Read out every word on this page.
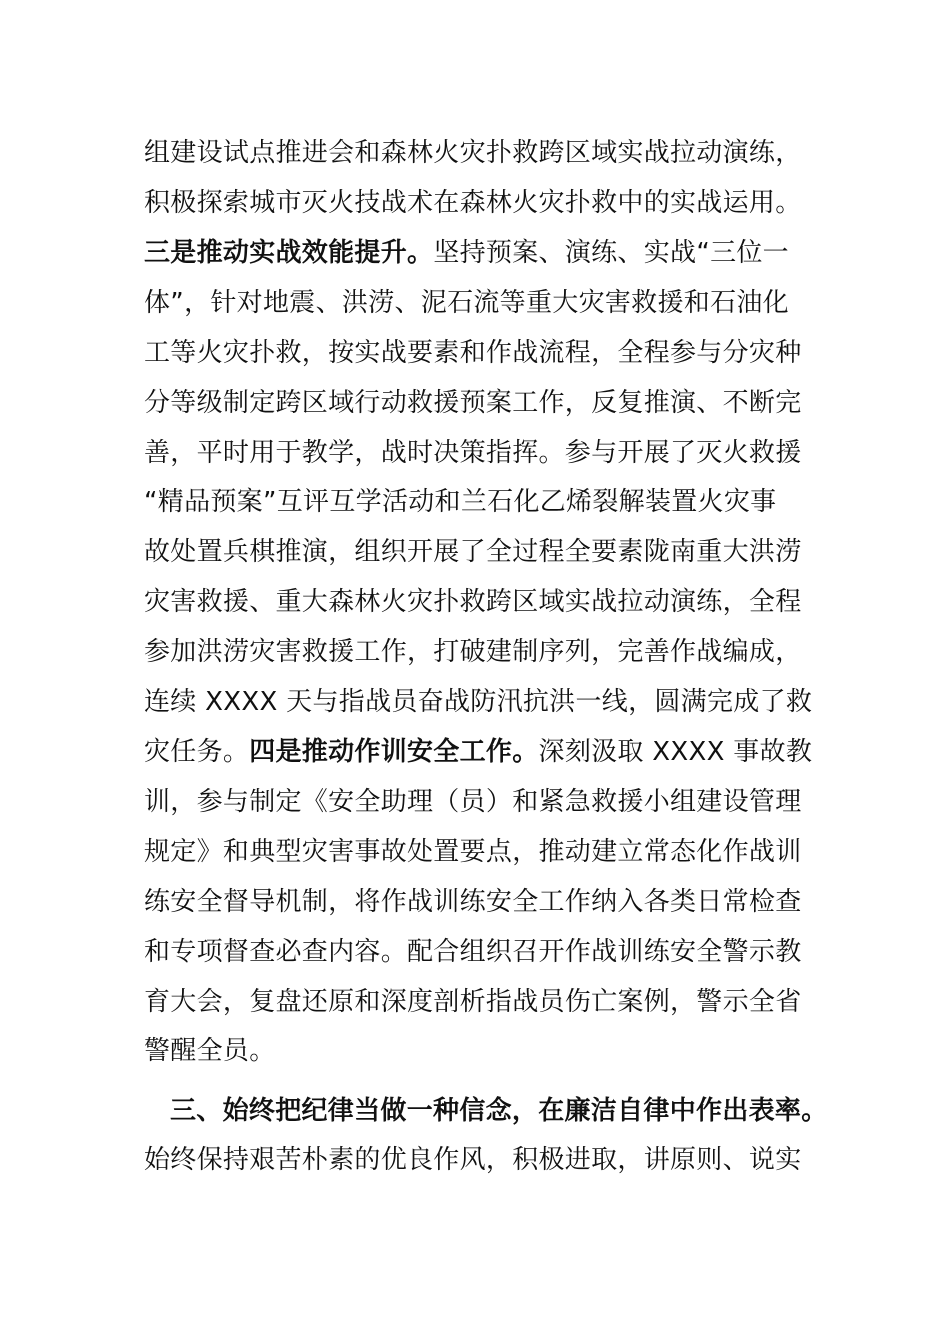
组建设试点推进会和森林火灾扑救跨区域实战拉动演练，
积极探索城市灭火技战术在森林火灾扑救中的实战运用。
三是推动实战效能提升。坚持预案、演练、实战“三位一
体”，针对地震、洪涝、泥石流等重大灾害救援和石油化
工等火灾扑救，按实战要素和作战流程，全程参与分灾种
分等级制定跨区域行动救援预案工作，反复推演、不断完
善，平时用于教学，战时决策指挥。参与开展了灭火救援
“精品预案”互评互学活动和兰石化乙烯裂解装置火灾事
故处置兵棋推演，组织开展了全过程全要素陇南重大洪涝
灾害救援、重大森林火灾扑救跨区域实战拉动演练，全程
参加洪涝灾害救援工作，打破建制序列，完善作战编成，
连续 XXXX 天与指战员奋战防汛抗洪一线，圆满完成了救
灾任务。四是推动作训安全工作。深刻汲取 XXXX 事故教
训，参与制定《安全助理（员）和紧急救援小组建设管理
规定》和典型灾害事故处置要点，推动建立常态化作战训
练安全督导机制，将作战训练安全工作纳入各类日常检查
和专项督查必查内容。配合组织召开作战训练安全警示教
育大会，复盘还原和深度剖析指战员伤亡案例，警示全省
警醒全员。
三、始终把纪律当做一种信念，在廉洁自律中作出表率。
始终保持艰苦朴素的优良作风，积极进取，讲原则、说实
